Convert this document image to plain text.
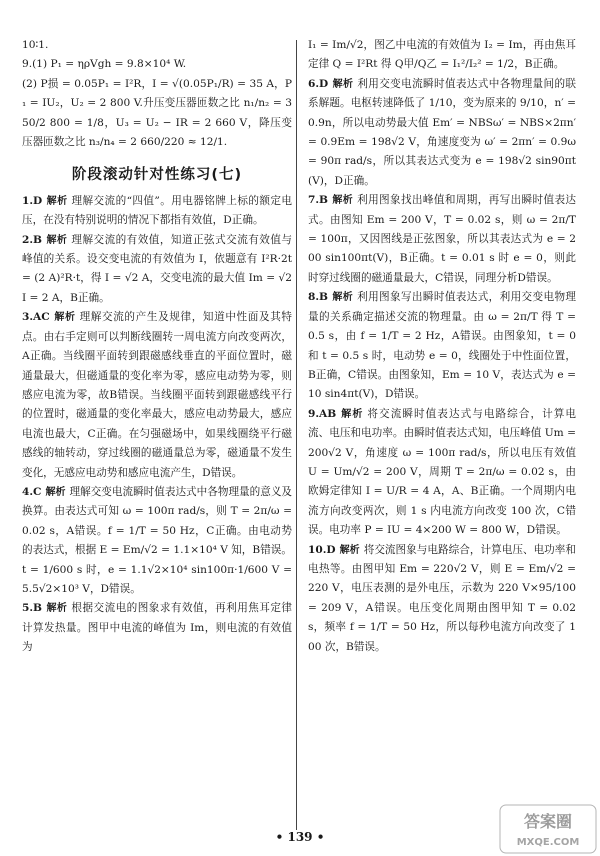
10∶1.

9.(1) P₁ = ηρVgh = 9.8×10⁴ W.

(2) P损 = 0.05P₁ = I²R，I = √(0.05P₁/R) = 35 A，P₁ = IU₂，U₂ = 2 800 V.升压变压器匝数之比 n₁/n₂ = 350/2 800 = 1/8，U₃ = U₂ − IR = 2 660 V，降压变压器匝数之比 n₃/n₄ = 2 660/220 ≈ 12/1.

阶段滚动针对性练习(七)

1.D 解析 理解交流的“四值”。用电器铭牌上标的额定电压，在没有特别说明的情况下都指有效值，D正确。

2.B 解析 理解交流的有效值，知道正弦式交流有效值与峰值的关系。设交变电流的有效值为 I，依题意有 I²R·2t = (2 A)²R·t，得 I = √2 A，交变电流的最大值 Im = √2 I = 2 A，B正确。

3.AC 解析 理解交流的产生及规律，知道中性面及其特点。由右手定则可以判断线圈转一周电流方向改变两次，A正确。当线圈平面转到跟磁感线垂直的平面位置时，磁通量最大，但磁通量的变化率为零，感应电动势为零，则感应电流为零，故B错误。当线圈平面转到跟磁感线平行的位置时，磁通量的变化率最大，感应电动势最大，感应电流也最大，C正确。在匀强磁场中，如果线圈绕平行磁感线的轴转动，穿过线圈的磁通量总为零，磁通量不发生变化，无感应电动势和感应电流产生，D错误。

4.C 解析 理解交变电流瞬时值表达式中各物理量的意义及换算。由表达式可知 ω = 100π rad/s，则 T = 2π/ω = 0.02 s，A错误。f = 1/T = 50 Hz，C正确。由电动势的表达式，根据 E = Em/√2 = 1.1×10⁴ V 知，B错误。t = 1/600 s 时，e = 1.1√2×10⁴ sin100π·1/600 V = 5.5√2×10³ V，D错误。

5.B 解析 根据交流电的图象求有效值，再利用焦耳定律计算发热量。图甲中电流的峰值为 Im，则电流的有效值为

I₁ = Im/√2，图乙中电流的有效值为 I₂ = Im，再由焦耳定律 Q = I²Rt 得 Q甲/Q乙 = I₁²/I₂² = 1/2，B正确。

6.D 解析 利用交变电流瞬时值表达式中各物理量间的联系解题。电枢转速降低了 1/10，变为原来的 9/10，n′ = 0.9n，所以电动势最大值 Em′ = NBSω′ = NBS×2πn′ = 0.9Em = 198√2 V，角速度变为 ω′ = 2πn′ = 0.9ω = 90π rad/s，所以其表达式变为 e = 198√2 sin90πt(V)，D正确。

7.B 解析 利用图象找出峰值和周期，再写出瞬时值表达式。由图知 Em = 200 V，T = 0.02 s，则 ω = 2π/T = 100π，又因图线是正弦图象，所以其表达式为 e = 200 sin100πt(V)，B正确。t = 0.01 s 时 e = 0，则此时穿过线圈的磁通量最大，C错误，同理分析D错误。

8.B 解析 利用图象写出瞬时值表达式，利用交变电物理量的关系确定描述交流的物理量。由 ω = 2π/T 得 T = 0.5 s，由 f = 1/T = 2 Hz，A错误。由图象知，t = 0 和 t = 0.5 s 时，电动势 e = 0，线圈处于中性面位置，B正确，C错误。由图象知，Em = 10 V，表达式为 e = 10 sin4πt(V)，D错误。

9.AB 解析 将交流瞬时值表达式与电路综合，计算电流、电压和电功率。由瞬时值表达式知，电压峰值 Um = 200√2 V，角速度 ω = 100π rad/s，所以电压有效值 U = Um/√2 = 200 V，周期 T = 2π/ω = 0.02 s，由欧姆定律知 I = U/R = 4 A，A、B正确。一个周期内电流方向改变两次，则 1 s 内电流方向改变 100 次，C错误。电功率 P = IU = 4×200 W = 800 W，D错误。

10.D 解析 将交流图象与电路综合，计算电压、电功率和电热等。由图甲知 Em = 220√2 V，则 E = Em/√2 = 220 V，电压表测的是外电压，示数为 220 V×95/100 = 209 V，A错误。电压变化周期由图甲知 T = 0.02 s，频率 f = 1/T = 50 Hz，所以每秒电流方向改变了 100 次，B错误。

• 139 •
答案圈
MXQE.COM
